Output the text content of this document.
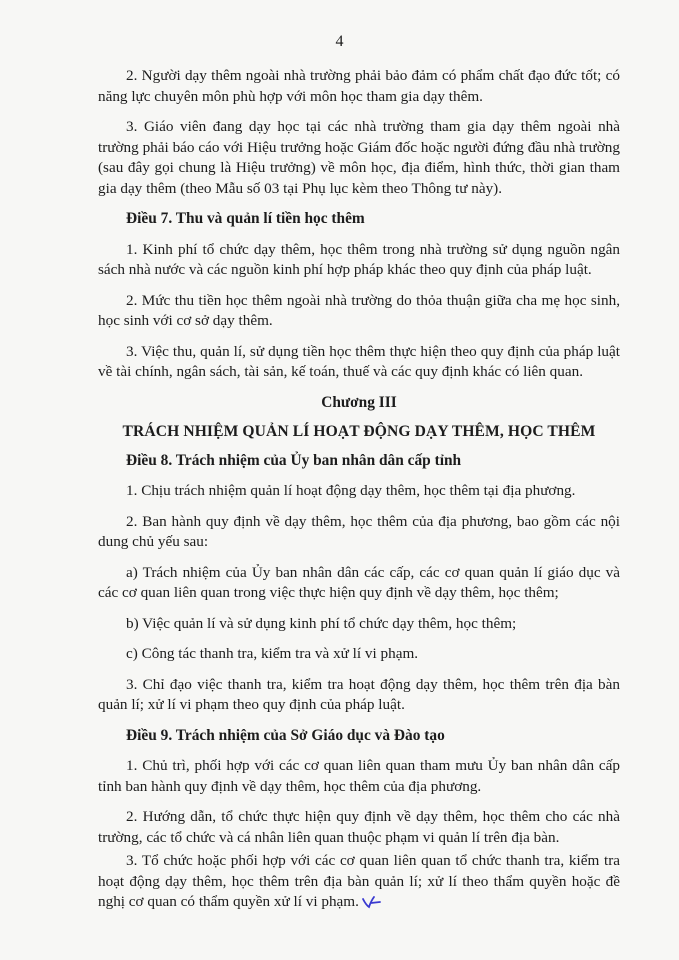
4

2. Người dạy thêm ngoài nhà trường phải bảo đảm có phẩm chất đạo đức tốt; có năng lực chuyên môn phù hợp với môn học tham gia dạy thêm.

3. Giáo viên đang dạy học tại các nhà trường tham gia dạy thêm ngoài nhà trường phải báo cáo với Hiệu trưởng hoặc Giám đốc hoặc người đứng đầu nhà trường (sau đây gọi chung là Hiệu trưởng) về môn học, địa điểm, hình thức, thời gian tham gia dạy thêm (theo Mẫu số 03 tại Phụ lục kèm theo Thông tư này).

Điều 7. Thu và quản lí tiền học thêm

1. Kinh phí tổ chức dạy thêm, học thêm trong nhà trường sử dụng nguồn ngân sách nhà nước và các nguồn kinh phí hợp pháp khác theo quy định của pháp luật.

2. Mức thu tiền học thêm ngoài nhà trường do thỏa thuận giữa cha mẹ học sinh, học sinh với cơ sở dạy thêm.

3. Việc thu, quản lí, sử dụng tiền học thêm thực hiện theo quy định của pháp luật về tài chính, ngân sách, tài sản, kế toán, thuế và các quy định khác có liên quan.

Chương III
TRÁCH NHIỆM QUẢN LÍ HOẠT ĐỘNG DẠY THÊM, HỌC THÊM
Điều 8. Trách nhiệm của Ủy ban nhân dân cấp tỉnh

1. Chịu trách nhiệm quản lí hoạt động dạy thêm, học thêm tại địa phương.

2. Ban hành quy định về dạy thêm, học thêm của địa phương, bao gồm các nội dung chủ yếu sau:

a) Trách nhiệm của Ủy ban nhân dân các cấp, các cơ quan quản lí giáo dục và các cơ quan liên quan trong việc thực hiện quy định về dạy thêm, học thêm;

b) Việc quản lí và sử dụng kinh phí tổ chức dạy thêm, học thêm;

c) Công tác thanh tra, kiểm tra và xử lí vi phạm.

3. Chỉ đạo việc thanh tra, kiểm tra hoạt động dạy thêm, học thêm trên địa bàn quản lí; xử lí vi phạm theo quy định của pháp luật.

Điều 9. Trách nhiệm của Sở Giáo dục và Đào tạo

1. Chủ trì, phối hợp với các cơ quan liên quan tham mưu Ủy ban nhân dân cấp tỉnh ban hành quy định về dạy thêm, học thêm của địa phương.

2. Hướng dẫn, tổ chức thực hiện quy định về dạy thêm, học thêm cho các nhà trường, các tổ chức và cá nhân liên quan thuộc phạm vi quản lí trên địa bàn.

3. Tổ chức hoặc phối hợp với các cơ quan liên quan tổ chức thanh tra, kiểm tra hoạt động dạy thêm, học thêm trên địa bàn quản lí; xử lí theo thẩm quyền hoặc đề nghị cơ quan có thẩm quyền xử lí vi phạm.
